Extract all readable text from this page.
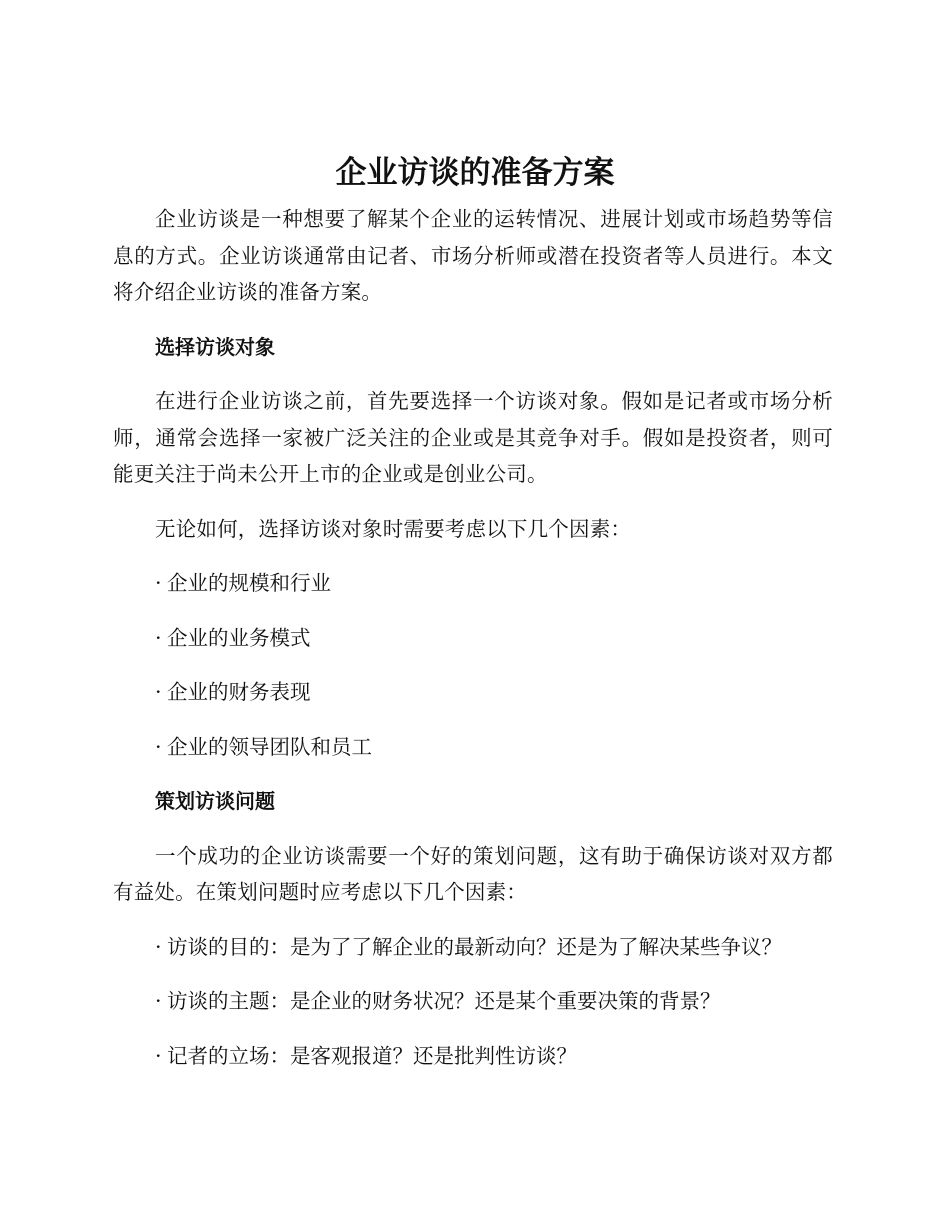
企业访谈的准备方案

企业访谈是一种想要了解某个企业的运转情况、进展计划或市场趋势等信息的方式。企业访谈通常由记者、市场分析师或潜在投资者等人员进行。本文将介绍企业访谈的准备方案。

选择访谈对象

在进行企业访谈之前，首先要选择一个访谈对象。假如是记者或市场分析师，通常会选择一家被广泛关注的企业或是其竞争对手。假如是投资者，则可能更关注于尚未公开上市的企业或是创业公司。

无论如何，选择访谈对象时需要考虑以下几个因素：

· 企业的规模和行业

· 企业的业务模式

· 企业的财务表现

· 企业的领导团队和员工

策划访谈问题

一个成功的企业访谈需要一个好的策划问题，这有助于确保访谈对双方都有益处。在策划问题时应考虑以下几个因素：

· 访谈的目的：是为了了解企业的最新动向？还是为了解决某些争议？

· 访谈的主题：是企业的财务状况？还是某个重要决策的背景？

· 记者的立场：是客观报道？还是批判性访谈？
